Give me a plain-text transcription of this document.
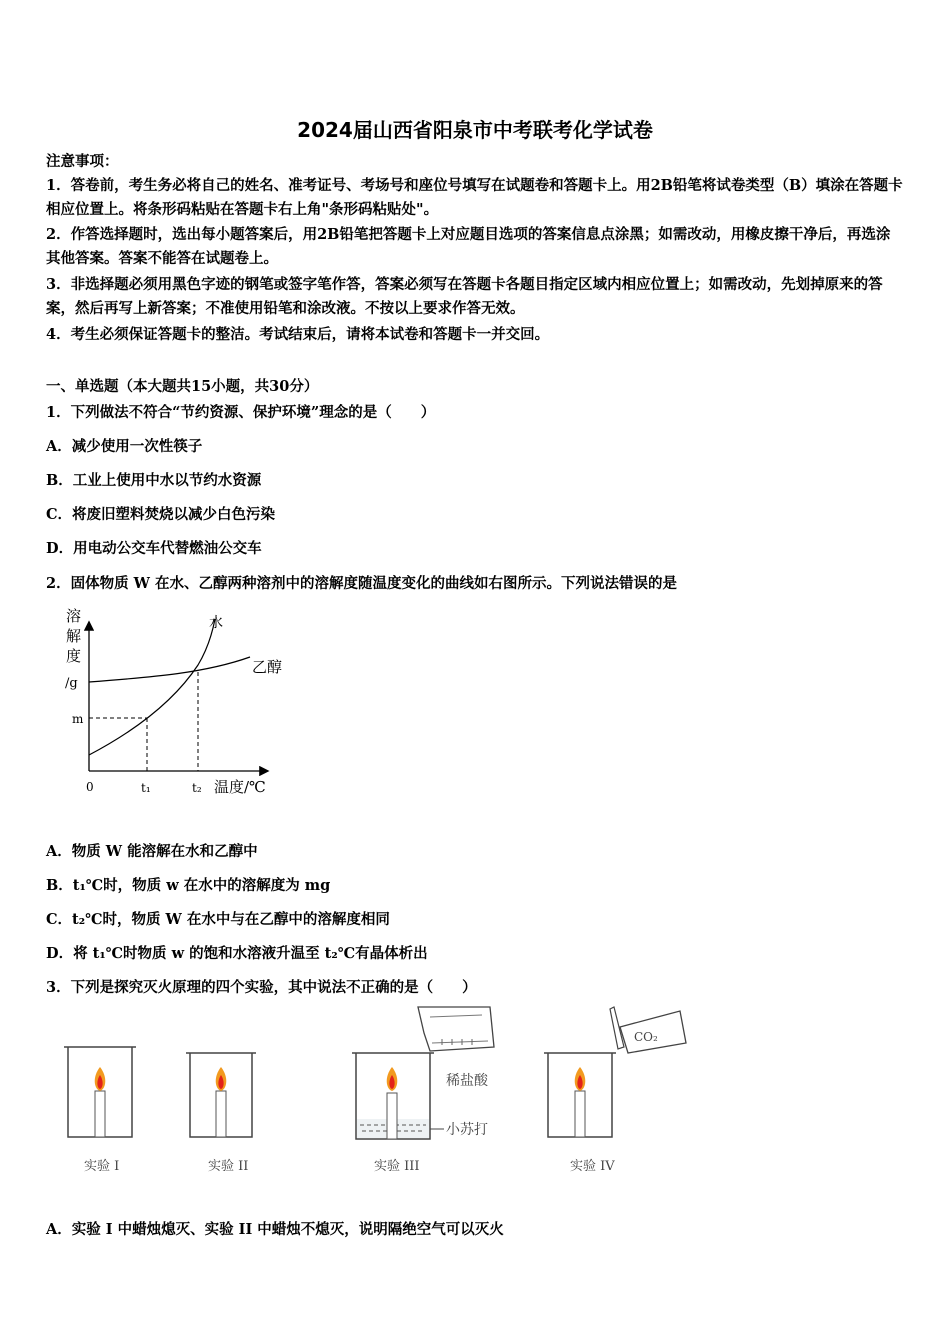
2024届山西省阳泉市中考联考化学试卷
注意事项：
1．答卷前，考生务必将自己的姓名、准考证号、考场号和座位号填写在试题卷和答题卡上。用2B铅笔将试卷类型（B）填涂在答题卡相应位置上。将条形码粘贴在答题卡右上角"条形码粘贴处"。
2．作答选择题时，选出每小题答案后，用2B铅笔把答题卡上对应题目选项的答案信息点涂黑；如需改动，用橡皮擦干净后，再选涂其他答案。答案不能答在试题卷上。
3．非选择题必须用黑色字迹的钢笔或签字笔作答，答案必须写在答题卡各题目指定区域内相应位置上；如需改动，先划掉原来的答案，然后再写上新答案；不准使用铅笔和涂改液。不按以上要求作答无效。
4．考生必须保证答题卡的整洁。考试结束后，请将本试卷和答题卡一并交回。
一、单选题（本大题共15小题，共30分）
1．下列做法不符合“节约资源、保护环境”理念的是（　　）
A．减少使用一次性筷子
B．工业上使用中水以节约水资源
C．将废旧塑料焚烧以减少白色污染
D．用电动公交车代替燃油公交车
2．固体物质 W 在水、乙醇两种溶剂中的溶解度随温度变化的曲线如右图所示。下列说法错误的是
溶
解
度
/g
m
0	t₁	t₂ 温度/℃
水
乙醇
A．物质 W 能溶解在水和乙醇中
B．t₁℃时，物质 w 在水中的溶解度为 mg
C．t₂℃时，物质 W 在水中与在乙醇中的溶解度相同
D．将 t₁℃时物质 w 的饱和水溶液升温至 t₂℃有晶体析出
3．下列是探究灭火原理的四个实验，其中说法不正确的是（　　）
实验 I	实验 II
稀盐酸
小苏打
实验 III
CO₂
实验 IV
A．实验 I 中蜡烛熄灭、实验 II 中蜡烛不熄灭，说明隔绝空气可以灭火
